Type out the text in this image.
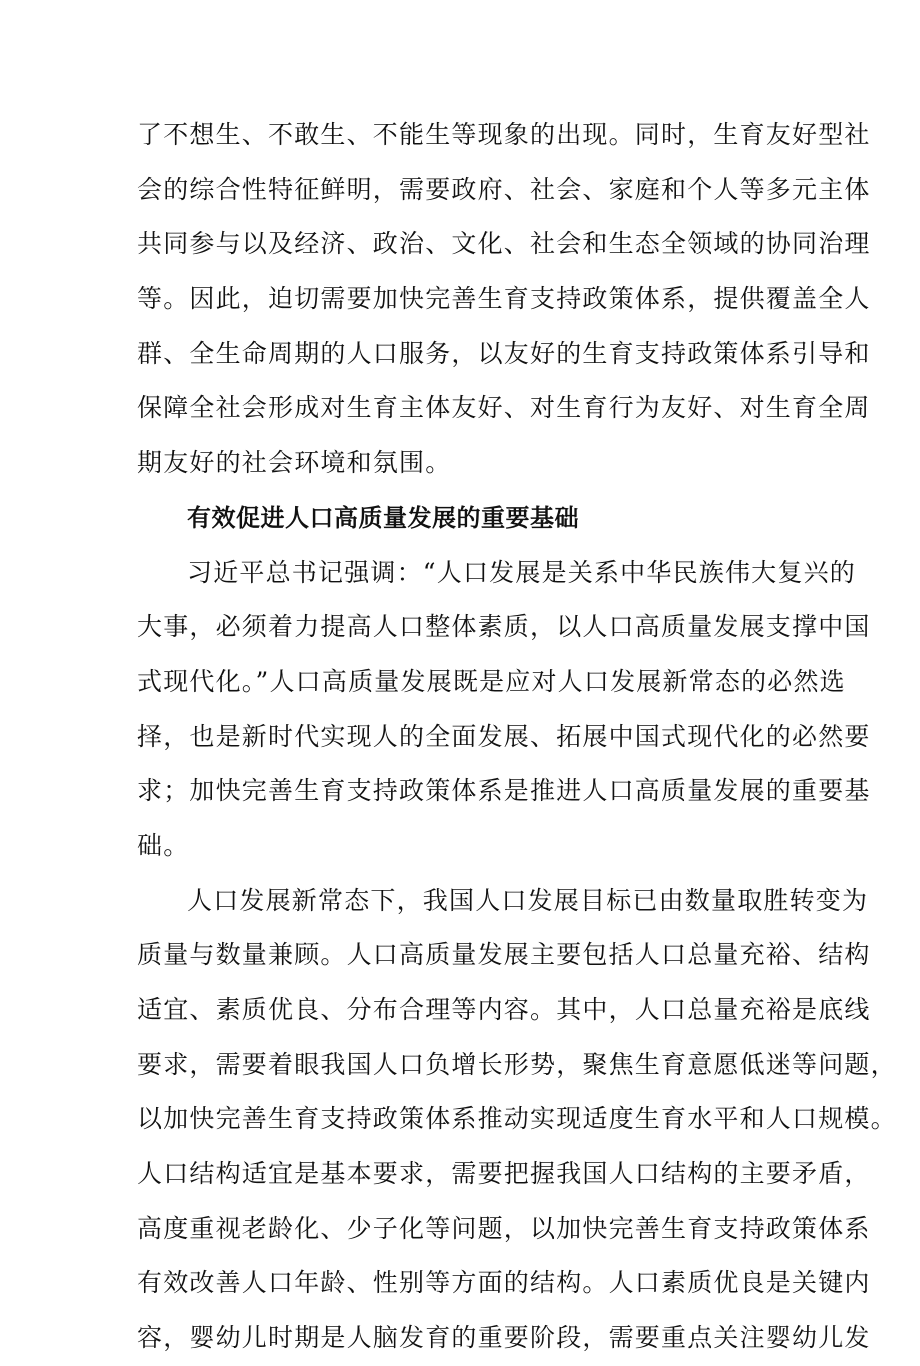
了不想生、不敢生、不能生等现象的出现。同时，生育友好型社
会的综合性特征鲜明，需要政府、社会、家庭和个人等多元主体
共同参与以及经济、政治、文化、社会和生态全领域的协同治理
等。因此，迫切需要加快完善生育支持政策体系，提供覆盖全人
群、全生命周期的人口服务，以友好的生育支持政策体系引导和
保障全社会形成对生育主体友好、对生育行为友好、对生育全周
期友好的社会环境和氛围。
有效促进人口高质量发展的重要基础
习近平总书记强调：“人口发展是关系中华民族伟大复兴的
大事，必须着力提高人口整体素质，以人口高质量发展支撑中国
式现代化。”人口高质量发展既是应对人口发展新常态的必然选
择，也是新时代实现人的全面发展、拓展中国式现代化的必然要
求；加快完善生育支持政策体系是推进人口高质量发展的重要基
础。
人口发展新常态下，我国人口发展目标已由数量取胜转变为
质量与数量兼顾。人口高质量发展主要包括人口总量充裕、结构
适宜、素质优良、分布合理等内容。其中，人口总量充裕是底线
要求，需要着眼我国人口负增长形势，聚焦生育意愿低迷等问题，
以加快完善生育支持政策体系推动实现适度生育水平和人口规模。
人口结构适宜是基本要求，需要把握我国人口结构的主要矛盾，
高度重视老龄化、少子化等问题，以加快完善生育支持政策体系
有效改善人口年龄、性别等方面的结构。人口素质优良是关键内
容，婴幼儿时期是人脑发育的重要阶段，需要重点关注婴幼儿发
